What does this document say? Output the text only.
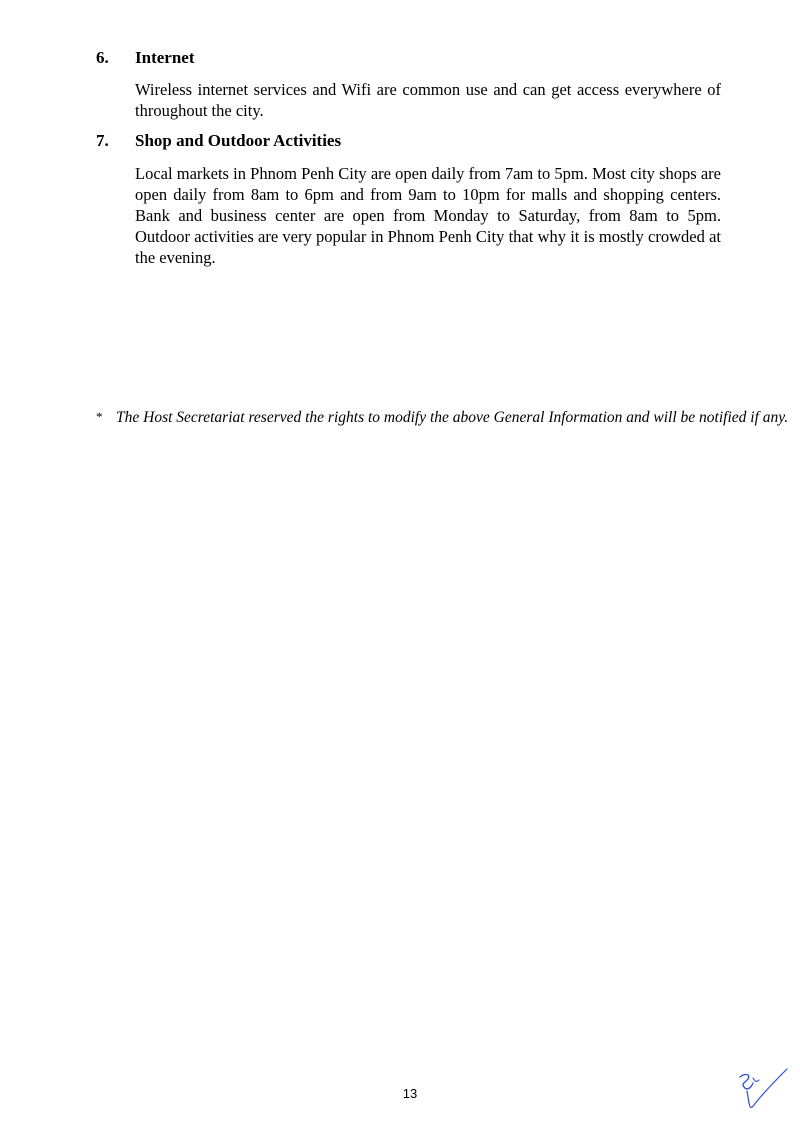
6. Internet
Wireless internet services and Wifi are common use and can get access everywhere of throughout the city.
7. Shop and Outdoor Activities
Local markets in Phnom Penh City are open daily from 7am to 5pm. Most city shops are open daily from 8am to 6pm and from 9am to 10pm for malls and shopping centers. Bank and business center are open from Monday to Saturday, from 8am to 5pm. Outdoor activities are very popular in Phnom Penh City that why it is mostly crowded at the evening.
* The Host Secretariat reserved the rights to modify the above General Information and will be notified if any.
13
